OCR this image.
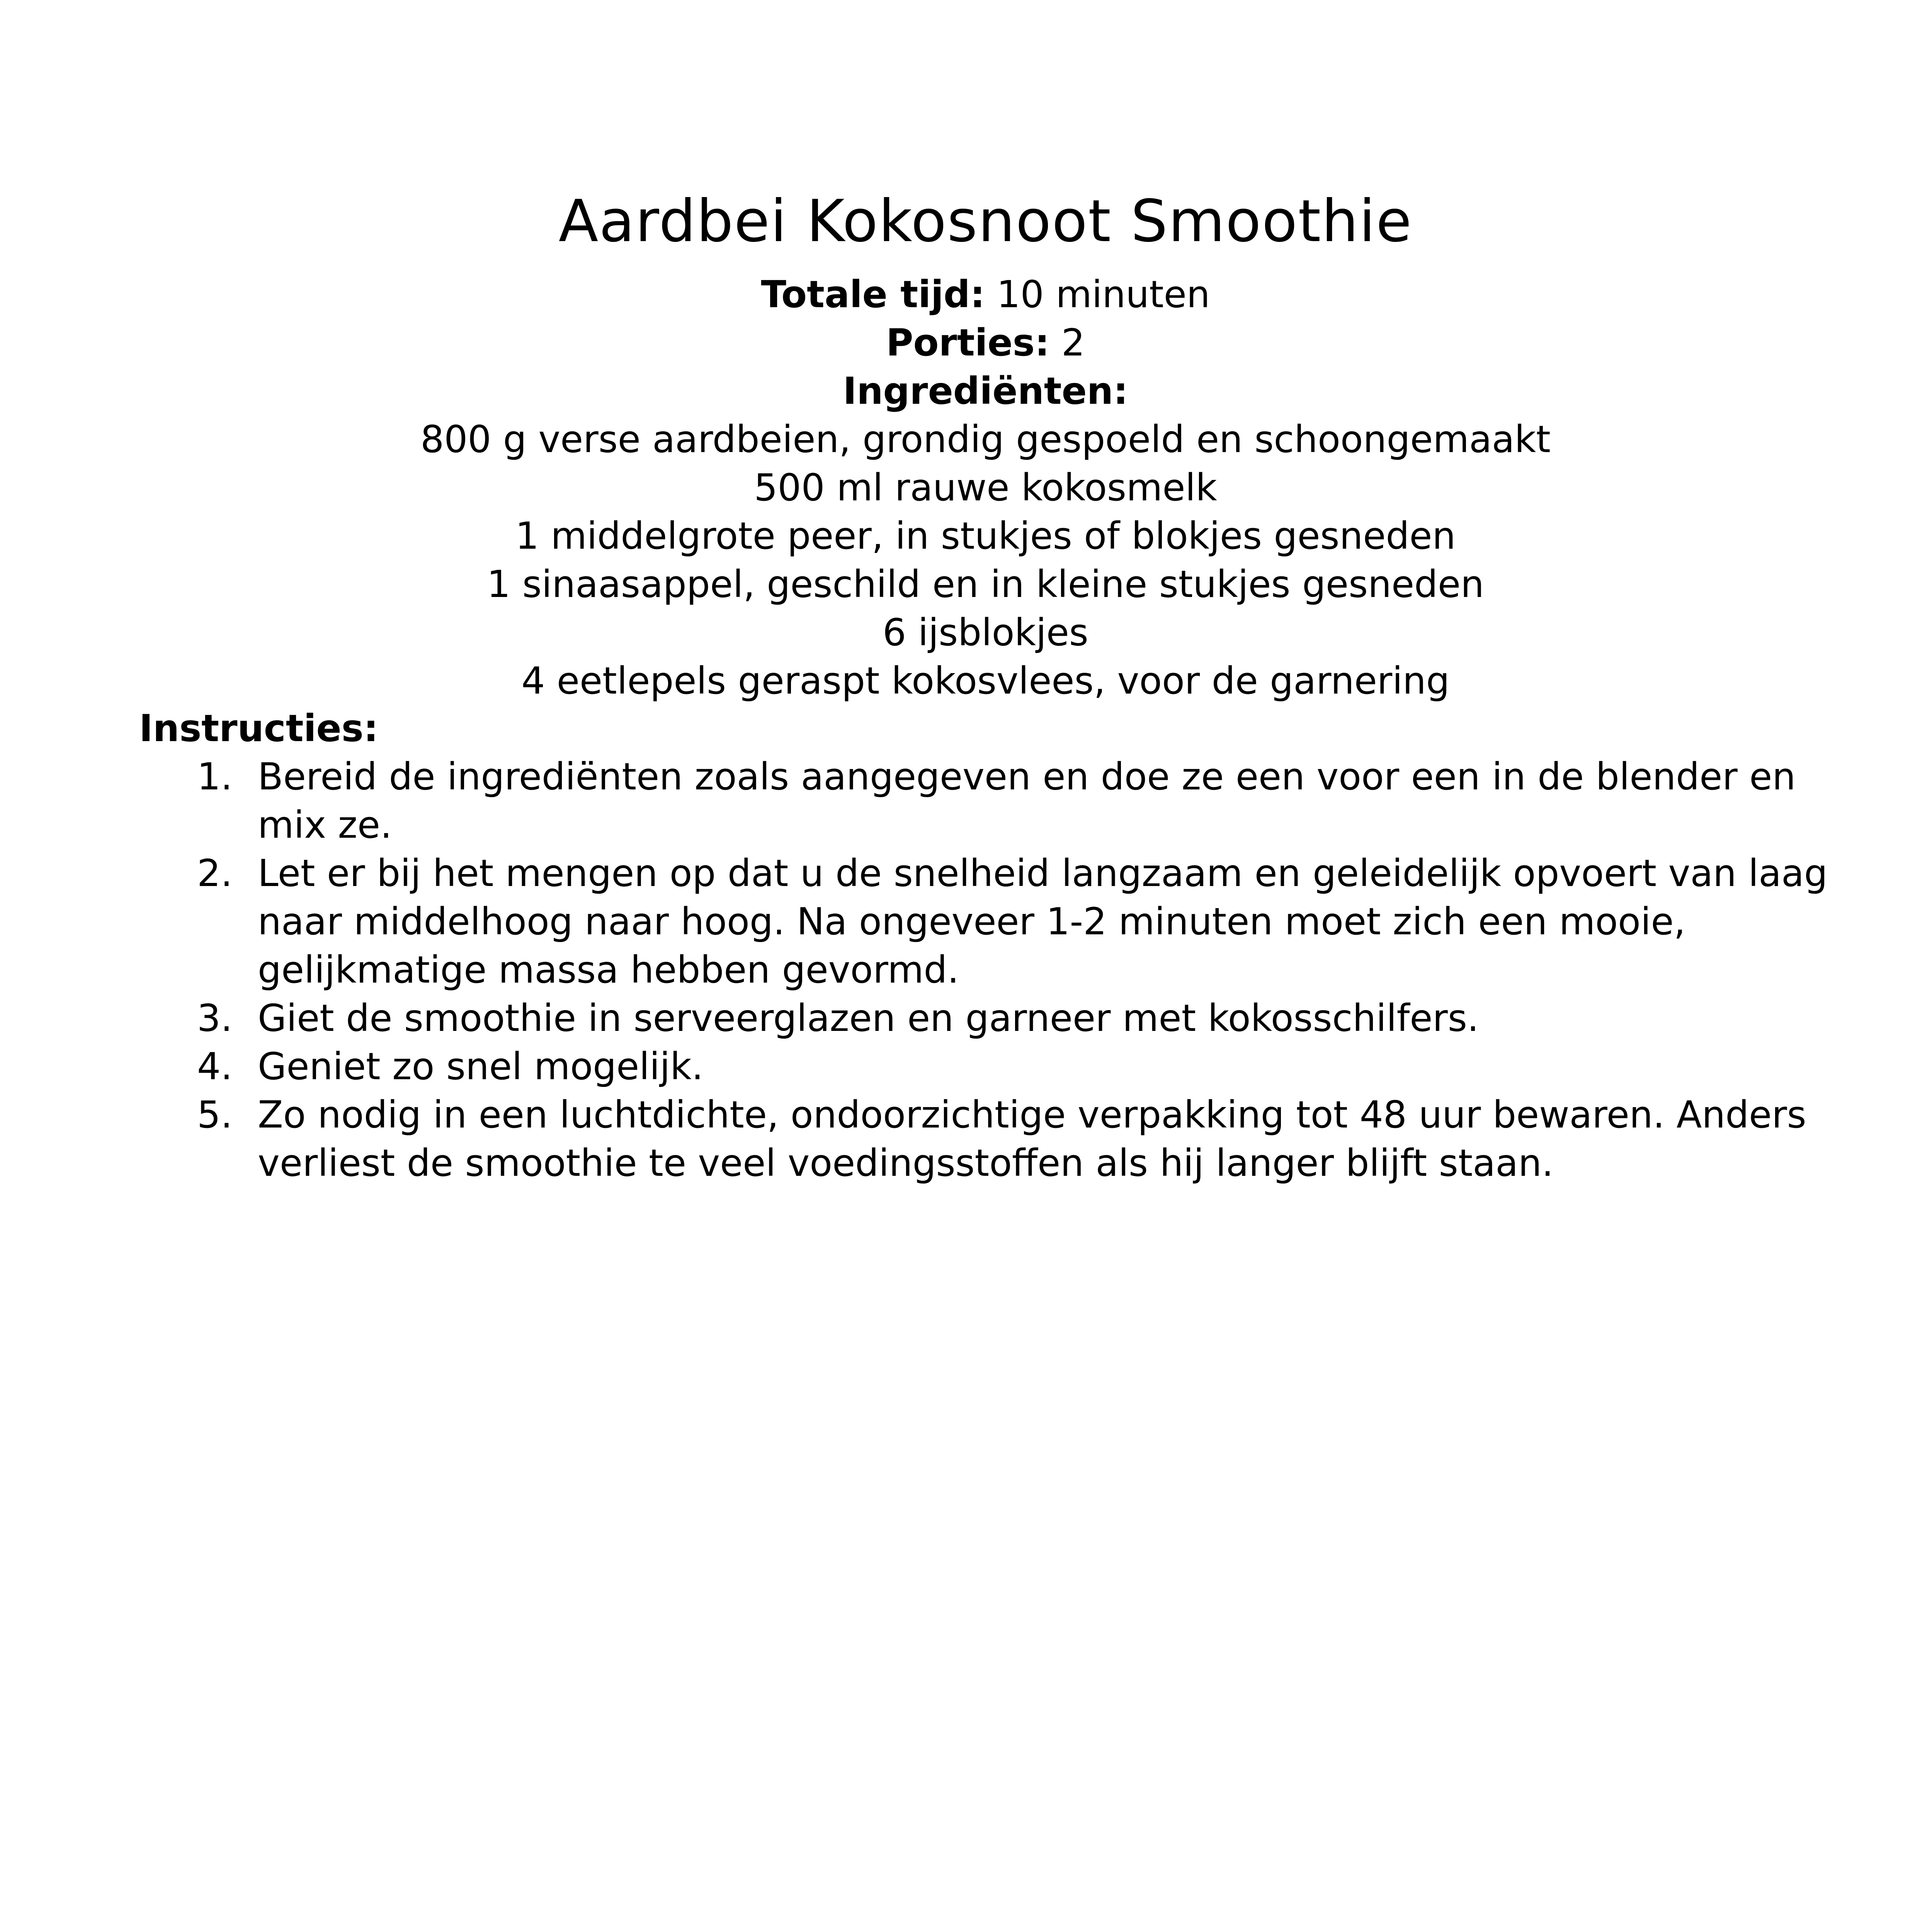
Aardbei Kokosnoot Smoothie
Totale tijd: 10 minuten
Porties: 2
Ingrediënten:
800 g verse aardbeien, grondig gespoeld en schoongemaakt
500 ml rauwe kokosmelk
1 middelgrote peer, in stukjes of blokjes gesneden
1 sinaasappel, geschild en in kleine stukjes gesneden
6 ijsblokjes
4 eetlepels geraspt kokosvlees, voor de garnering
Instructies:
1. Bereid de ingrediënten zoals aangegeven en doe ze een voor een in de blender en mix ze.
2. Let er bij het mengen op dat u de snelheid langzaam en geleidelijk opvoert van laag naar middelhoog naar hoog. Na ongeveer 1-2 minuten moet zich een mooie, gelijkmatige massa hebben gevormd.
3. Giet de smoothie in serveerglazen en garneer met kokosschilfers.
4. Geniet zo snel mogelijk.
5. Zo nodig in een luchtdichte, ondoorzichtige verpakking tot 48 uur bewaren. Anders verliest de smoothie te veel voedingsstoffen als hij langer blijft staan.
